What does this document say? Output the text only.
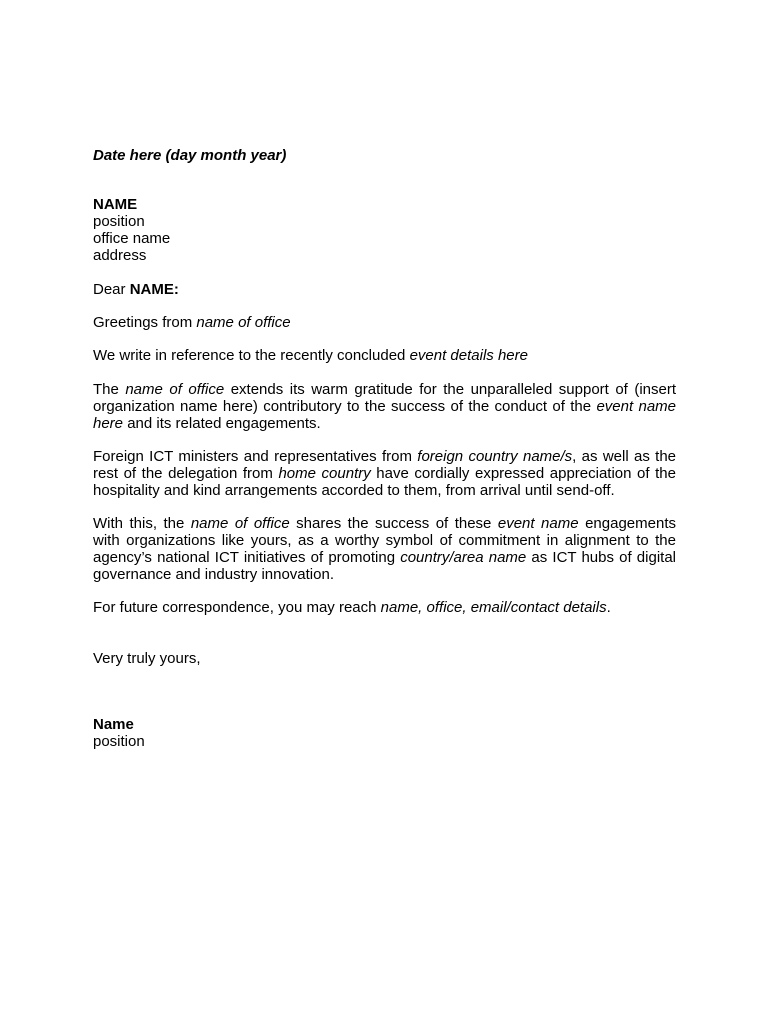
Date here (day month year)

NAME
position
office name
address

Dear NAME:

Greetings from name of office

We write in reference to the recently concluded event details here

The name of office extends its warm gratitude for the unparalleled support of (insert organization name here) contributory to the success of the conduct of the event name here and its related engagements.

Foreign ICT ministers and representatives from foreign country name/s, as well as the rest of the delegation from home country have cordially expressed appreciation of the hospitality and kind arrangements accorded to them, from arrival until send-off.

With this, the name of office shares the success of these event name engagements with organizations like yours, as a worthy symbol of commitment in alignment to the agency’s national ICT initiatives of promoting country/area name as ICT hubs of digital governance and industry innovation.

For future correspondence, you may reach name, office, email/contact details.

Very truly yours,

Name
position
